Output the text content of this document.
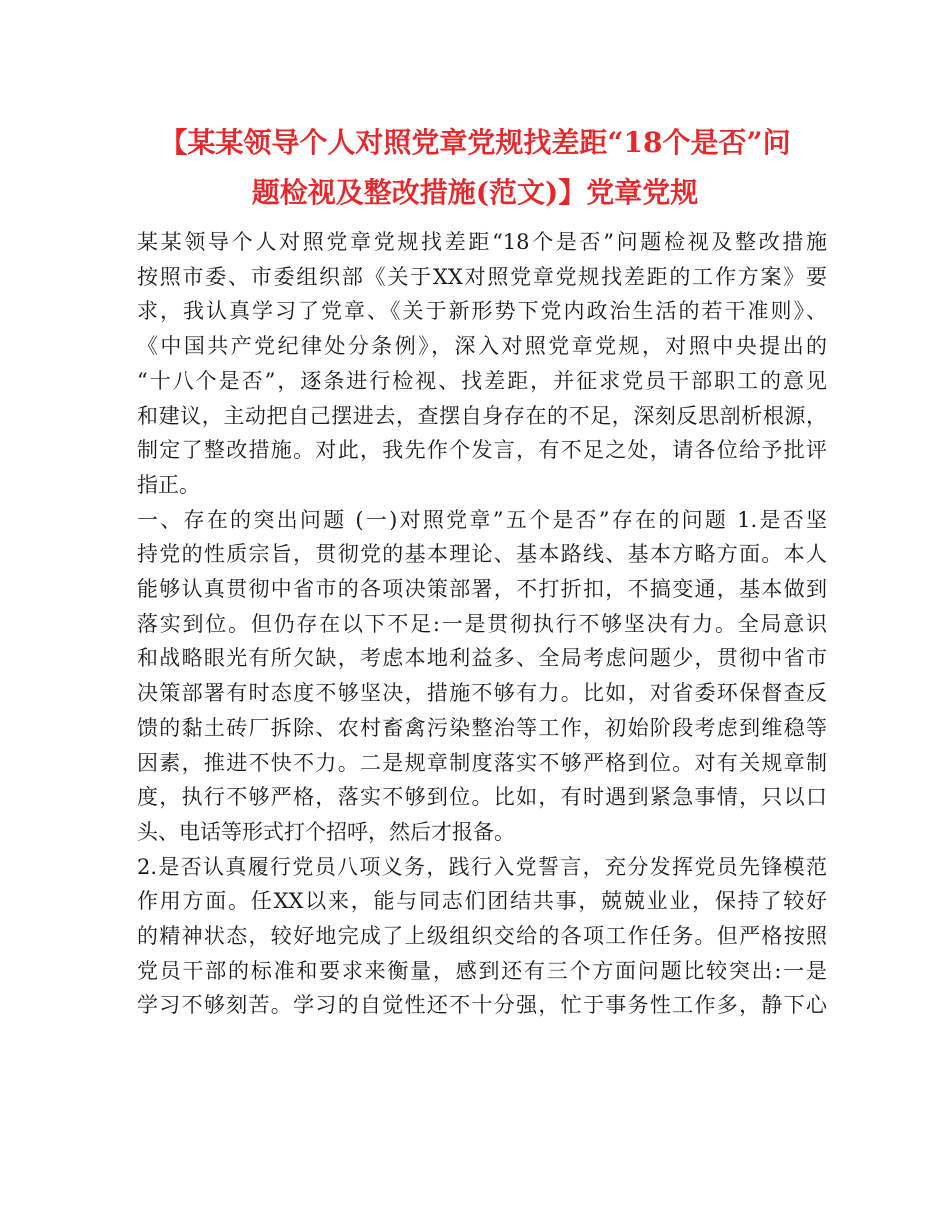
【某某领导个人对照党章党规找差距“18个是否”问
题检视及整改措施(范文)】党章党规
某某领导个人对照党章党规找差距“18个是否”问题检视及整改措施
按照市委、市委组织部《关于XX对照党章党规找差距的工作方案》要
求，我认真学习了党章、《关于新形势下党内政治生活的若干准则》、
《中国共产党纪律处分条例》，深入对照党章党规，对照中央提出的
“十八个是否”，逐条进行检视、找差距，并征求党员干部职工的意见
和建议，主动把自己摆进去，查摆自身存在的不足，深刻反思剖析根源，
制定了整改措施。对此，我先作个发言，有不足之处，请各位给予批评
指正。
一、存在的突出问题 (一)对照党章”五个是否”存在的问题 1.是否坚
持党的性质宗旨，贯彻党的基本理论、基本路线、基本方略方面。本人
能够认真贯彻中省市的各项决策部署，不打折扣，不搞变通，基本做到
落实到位。但仍存在以下不足:一是贯彻执行不够坚决有力。全局意识
和战略眼光有所欠缺，考虑本地利益多、全局考虑问题少，贯彻中省市
决策部署有时态度不够坚决，措施不够有力。比如，对省委环保督查反
馈的黏土砖厂拆除、农村畜禽污染整治等工作，初始阶段考虑到维稳等
因素，推进不快不力。二是规章制度落实不够严格到位。对有关规章制
度，执行不够严格，落实不够到位。比如，有时遇到紧急事情，只以口
头、电话等形式打个招呼，然后才报备。
2.是否认真履行党员八项义务，践行入党誓言，充分发挥党员先锋模范
作用方面。任XX以来，能与同志们团结共事，兢兢业业，保持了较好
的精神状态，较好地完成了上级组织交给的各项工作任务。但严格按照
党员干部的标准和要求来衡量，感到还有三个方面问题比较突出:一是
学习不够刻苦。学习的自觉性还不十分强，忙于事务性工作多，静下心
